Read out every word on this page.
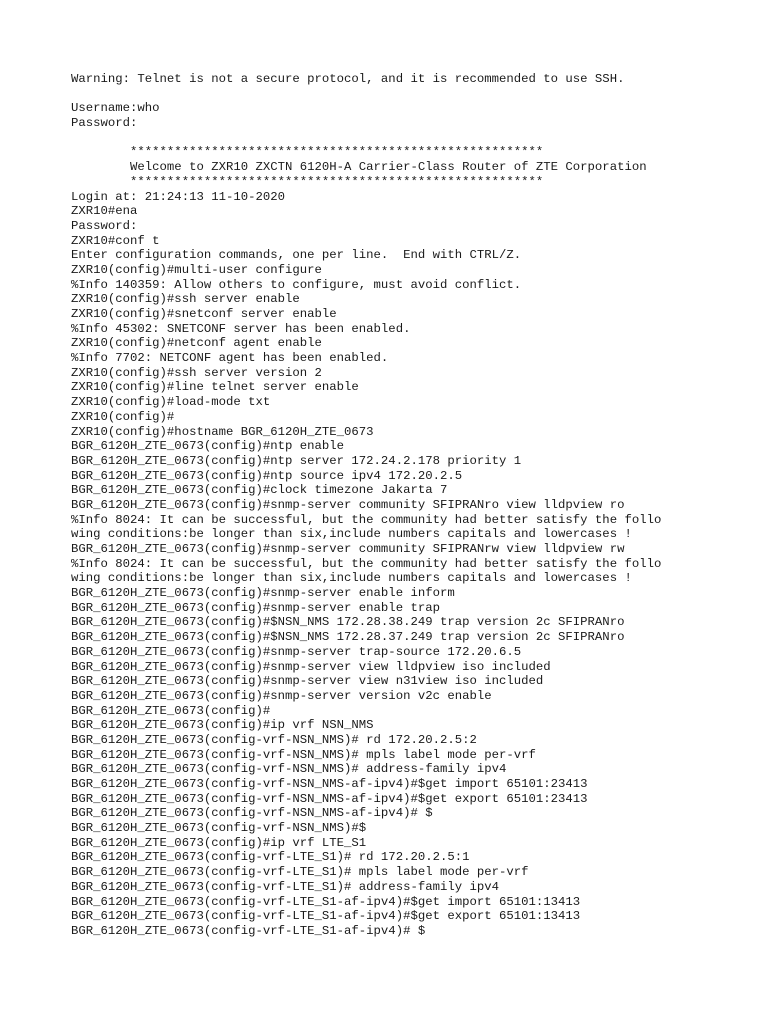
Warning: Telnet is not a secure protocol, and it is recommended to use SSH.
Username:who
Password:
********************************************************
Welcome to ZXR10 ZXCTN 6120H-A Carrier-Class Router of ZTE Corporation
********************************************************
Login at: 21:24:13 11-10-2020
ZXR10#ena
Password:
ZXR10#conf t
Enter configuration commands, one per line.  End with CTRL/Z.
ZXR10(config)#multi-user configure
%Info 140359: Allow others to configure, must avoid conflict.
ZXR10(config)#ssh server enable
ZXR10(config)#snetconf server enable
%Info 45302: SNETCONF server has been enabled.
ZXR10(config)#netconf agent enable
%Info 7702: NETCONF agent has been enabled.
ZXR10(config)#ssh server version 2
ZXR10(config)#line telnet server enable
ZXR10(config)#load-mode txt
ZXR10(config)#
ZXR10(config)#hostname BGR_6120H_ZTE_0673
BGR_6120H_ZTE_0673(config)#ntp enable
BGR_6120H_ZTE_0673(config)#ntp server 172.24.2.178 priority 1
BGR_6120H_ZTE_0673(config)#ntp source ipv4 172.20.2.5
BGR_6120H_ZTE_0673(config)#clock timezone Jakarta 7
BGR_6120H_ZTE_0673(config)#snmp-server community SFIPRANro view lldpview ro
%Info 8024: It can be successful, but the community had better satisfy the follo
wing conditions:be longer than six,include numbers capitals and lowercases !
BGR_6120H_ZTE_0673(config)#snmp-server community SFIPRANrw view lldpview rw
%Info 8024: It can be successful, but the community had better satisfy the follo
wing conditions:be longer than six,include numbers capitals and lowercases !
BGR_6120H_ZTE_0673(config)#snmp-server enable inform
BGR_6120H_ZTE_0673(config)#snmp-server enable trap
BGR_6120H_ZTE_0673(config)#$NSN_NMS 172.28.38.249 trap version 2c SFIPRANro
BGR_6120H_ZTE_0673(config)#$NSN_NMS 172.28.37.249 trap version 2c SFIPRANro
BGR_6120H_ZTE_0673(config)#snmp-server trap-source 172.20.6.5
BGR_6120H_ZTE_0673(config)#snmp-server view lldpview iso included
BGR_6120H_ZTE_0673(config)#snmp-server view n31view iso included
BGR_6120H_ZTE_0673(config)#snmp-server version v2c enable
BGR_6120H_ZTE_0673(config)#
BGR_6120H_ZTE_0673(config)#ip vrf NSN_NMS
BGR_6120H_ZTE_0673(config-vrf-NSN_NMS)# rd 172.20.2.5:2
BGR_6120H_ZTE_0673(config-vrf-NSN_NMS)# mpls label mode per-vrf
BGR_6120H_ZTE_0673(config-vrf-NSN_NMS)# address-family ipv4
BGR_6120H_ZTE_0673(config-vrf-NSN_NMS-af-ipv4)#$get import 65101:23413
BGR_6120H_ZTE_0673(config-vrf-NSN_NMS-af-ipv4)#$get export 65101:23413
BGR_6120H_ZTE_0673(config-vrf-NSN_NMS-af-ipv4)# $
BGR_6120H_ZTE_0673(config-vrf-NSN_NMS)#$
BGR_6120H_ZTE_0673(config)#ip vrf LTE_S1
BGR_6120H_ZTE_0673(config-vrf-LTE_S1)# rd 172.20.2.5:1
BGR_6120H_ZTE_0673(config-vrf-LTE_S1)# mpls label mode per-vrf
BGR_6120H_ZTE_0673(config-vrf-LTE_S1)# address-family ipv4
BGR_6120H_ZTE_0673(config-vrf-LTE_S1-af-ipv4)#$get import 65101:13413
BGR_6120H_ZTE_0673(config-vrf-LTE_S1-af-ipv4)#$get export 65101:13413
BGR_6120H_ZTE_0673(config-vrf-LTE_S1-af-ipv4)# $
